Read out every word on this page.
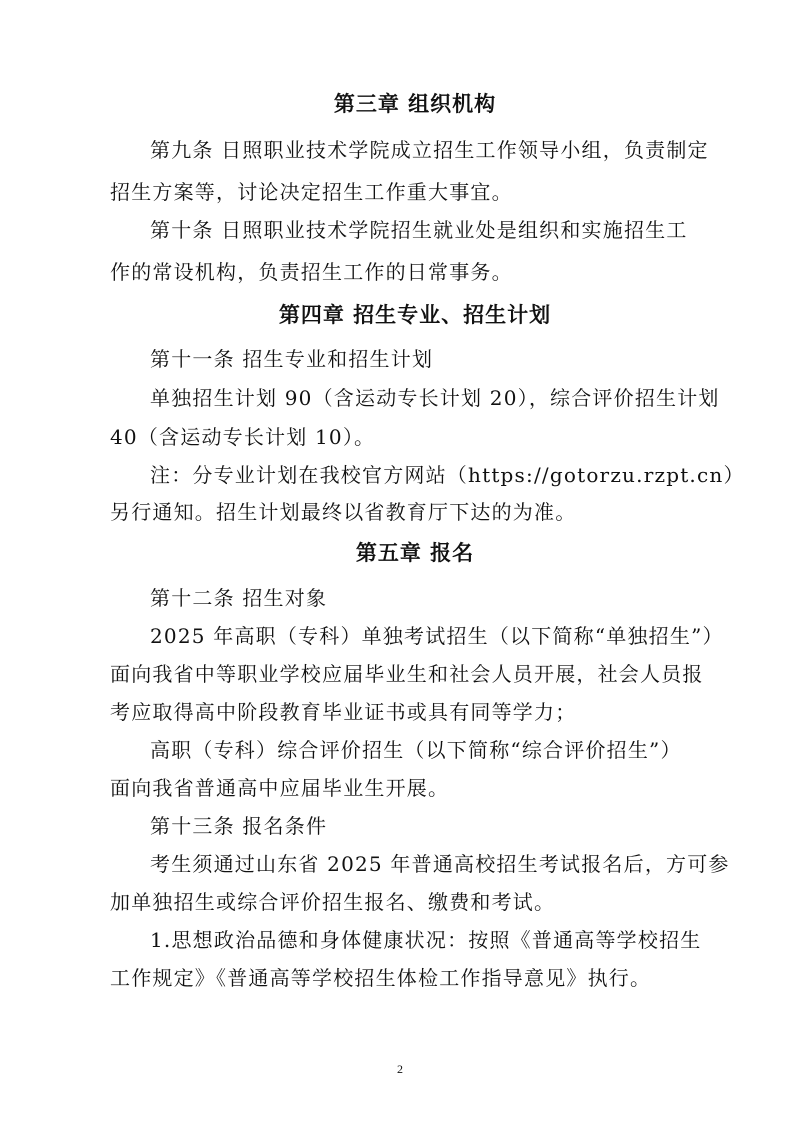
第三章 组织机构
第九条 日照职业技术学院成立招生工作领导小组，负责制定
招生方案等，讨论决定招生工作重大事宜。
第十条 日照职业技术学院招生就业处是组织和实施招生工
作的常设机构，负责招生工作的日常事务。
第四章 招生专业、招生计划
第十一条 招生专业和招生计划
单独招生计划 90（含运动专长计划 20），综合评价招生计划
40（含运动专长计划 10）。
注：分专业计划在我校官方网站（https://gotorzu.rzpt.cn）
另行通知。招生计划最终以省教育厅下达的为准。
第五章 报名
第十二条 招生对象
2025 年高职（专科）单独考试招生（以下简称“单独招生”）
面向我省中等职业学校应届毕业生和社会人员开展，社会人员报
考应取得高中阶段教育毕业证书或具有同等学力；
高职（专科）综合评价招生（以下简称“综合评价招生”）
面向我省普通高中应届毕业生开展。
第十三条 报名条件
考生须通过山东省 2025 年普通高校招生考试报名后，方可参
加单独招生或综合评价招生报名、缴费和考试。
1.思想政治品德和身体健康状况：按照《普通高等学校招生
工作规定》《普通高等学校招生体检工作指导意见》执行。
2
